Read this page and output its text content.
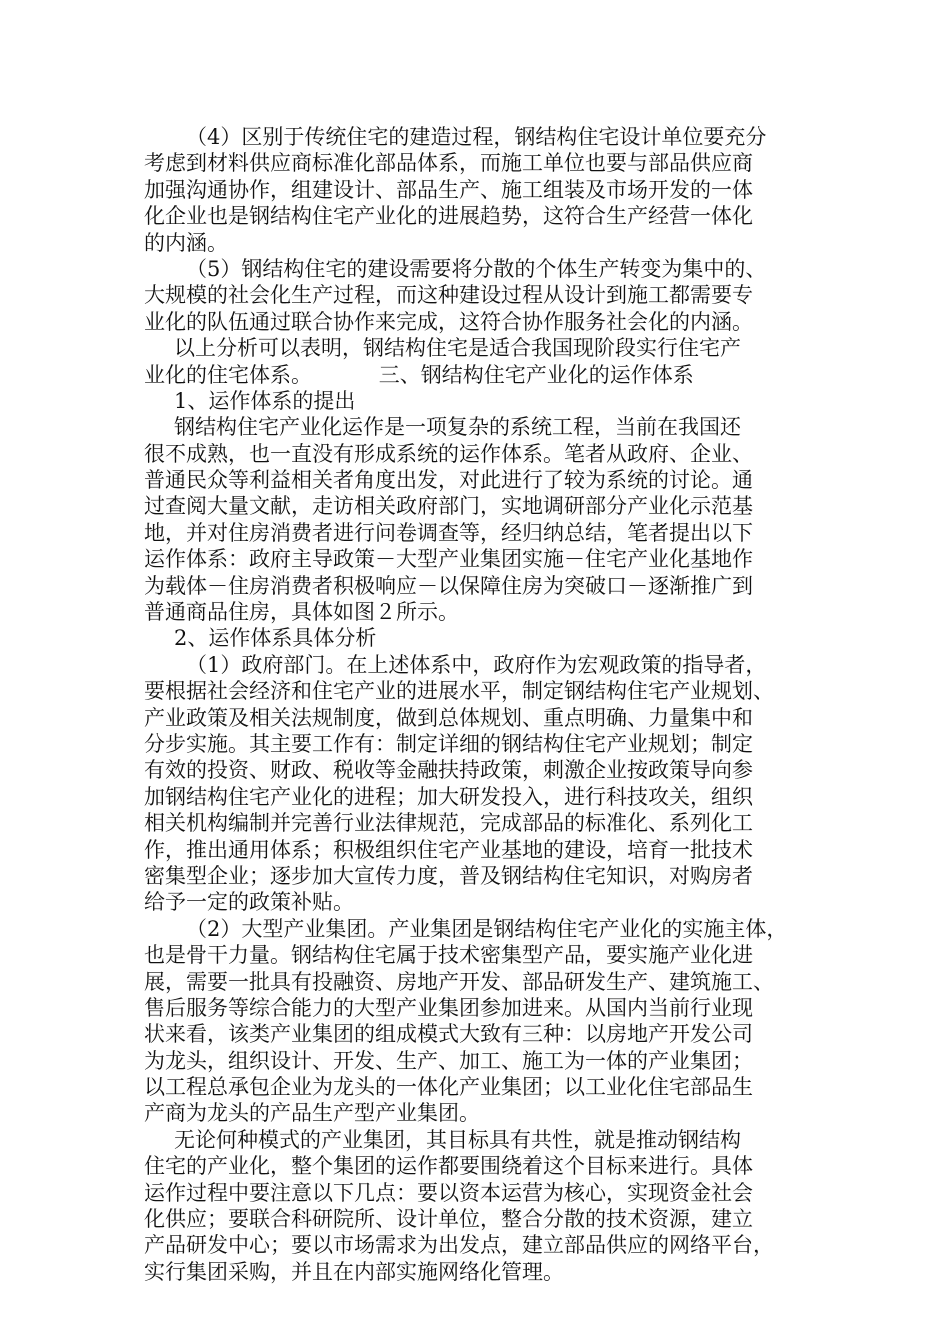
（4）区别于传统住宅的建造过程，钢结构住宅设计单位要充分
考虑到材料供应商标准化部品体系，而施工单位也要与部品供应商
加强沟通协作，组建设计、部品生产、施工组装及市场开发的一体
化企业也是钢结构住宅产业化的进展趋势，这符合生产经营一体化
的内涵。
（5）钢结构住宅的建设需要将分散的个体生产转变为集中的、
大规模的社会化生产过程，而这种建设过程从设计到施工都需要专
业化的队伍通过联合协作来完成，这符合协作服务社会化的内涵。
以上分析可以表明，钢结构住宅是适合我国现阶段实行住宅产
业化的住宅体系。          三、钢结构住宅产业化的运作体系
1、运作体系的提出
钢结构住宅产业化运作是一项复杂的系统工程，当前在我国还
很不成熟，也一直没有形成系统的运作体系。笔者从政府、企业、
普通民众等利益相关者角度出发，对此进行了较为系统的讨论。通
过查阅大量文献，走访相关政府部门，实地调研部分产业化示范基
地，并对住房消费者进行问卷调查等，经归纳总结，笔者提出以下
运作体系：政府主导政策－大型产业集团实施－住宅产业化基地作
为载体－住房消费者积极响应－以保障住房为突破口－逐渐推广到
普通商品住房，具体如图２所示。
2、运作体系具体分析
（1）政府部门。在上述体系中，政府作为宏观政策的指导者，
要根据社会经济和住宅产业的进展水平，制定钢结构住宅产业规划、
产业政策及相关法规制度，做到总体规划、重点明确、力量集中和
分步实施。其主要工作有：制定详细的钢结构住宅产业规划；制定
有效的投资、财政、税收等金融扶持政策，刺激企业按政策导向参
加钢结构住宅产业化的进程；加大研发投入，进行科技攻关，组织
相关机构编制并完善行业法律规范，完成部品的标准化、系列化工
作，推出通用体系；积极组织住宅产业基地的建设，培育一批技术
密集型企业；逐步加大宣传力度，普及钢结构住宅知识，对购房者
给予一定的政策补贴。
（2）大型产业集团。产业集团是钢结构住宅产业化的实施主体，
也是骨干力量。钢结构住宅属于技术密集型产品，要实施产业化进
展，需要一批具有投融资、房地产开发、部品研发生产、建筑施工、
售后服务等综合能力的大型产业集团参加进来。从国内当前行业现
状来看，该类产业集团的组成模式大致有三种：以房地产开发公司
为龙头，组织设计、开发、生产、加工、施工为一体的产业集团；
以工程总承包企业为龙头的一体化产业集团；以工业化住宅部品生
产商为龙头的产品生产型产业集团。
无论何种模式的产业集团，其目标具有共性，就是推动钢结构
住宅的产业化，整个集团的运作都要围绕着这个目标来进行。具体
运作过程中要注意以下几点：要以资本运营为核心，实现资金社会
化供应；要联合科研院所、设计单位，整合分散的技术资源，建立
产品研发中心；要以市场需求为出发点，建立部品供应的网络平台，
实行集团采购，并且在内部实施网络化管理。
